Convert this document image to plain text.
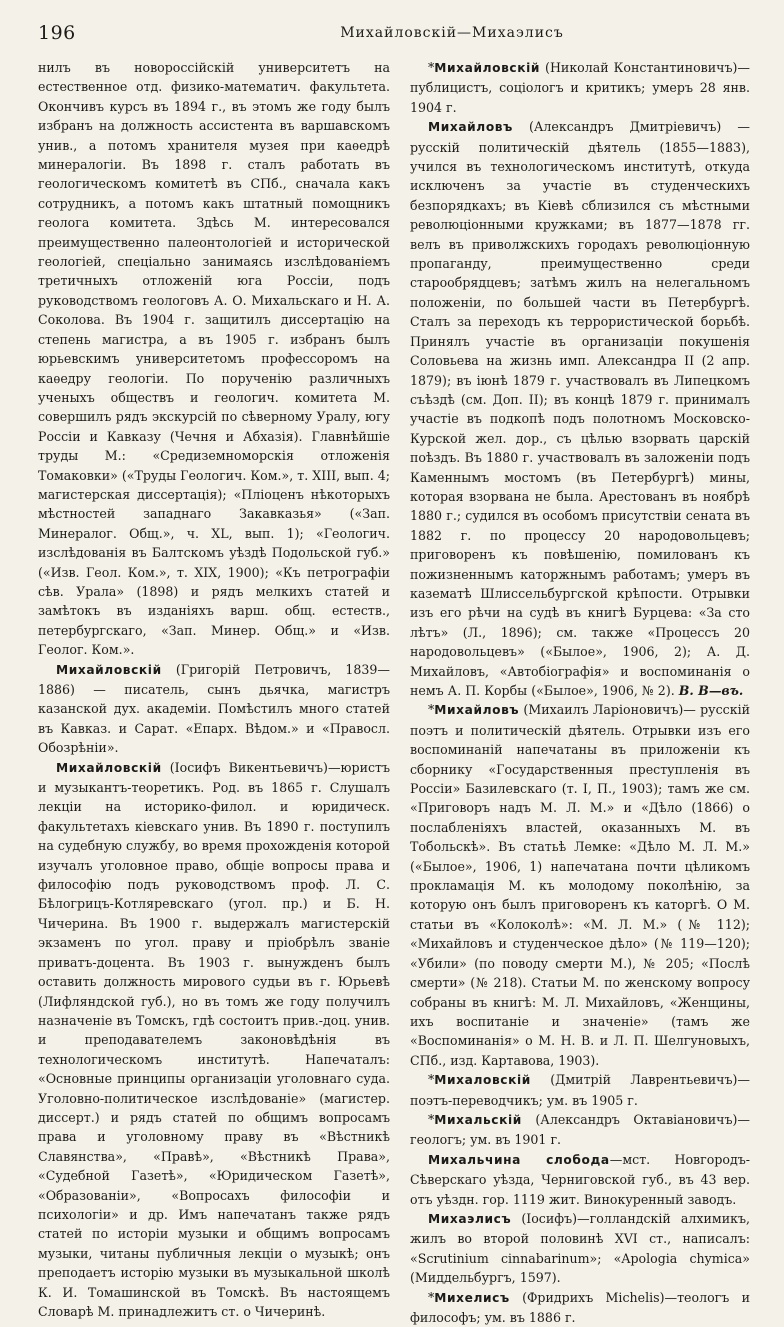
196	Михайловскій—Михаэлисъ

нилъ въ новороссійскій университетъ на естественное отд. физико-математич. факультета. Окончивъ курсъ въ 1894 г., въ этомъ же году былъ избранъ на должность ассистента въ варшавскомъ унив., а потомъ хранителя музея при каѳедрѣ минералогіи. Въ 1898 г. сталъ работать въ геологическомъ комитетѣ въ СПб., сначала какъ сотрудникъ, а потомъ какъ штатный помощникъ геолога комитета. Здѣсь М. интересовался преимущественно палеонтологіей и исторической геологіей, спеціально занимаясь изслѣдованіемъ третичныхъ отложеній юга Россіи, подъ руководствомъ геологовъ А. О. Михальскаго и Н. А. Соколова. Въ 1904 г. защитилъ диссертацію на степень магистра, а въ 1905 г. избранъ былъ юрьевскимъ университетомъ профессоромъ на каѳедру геологіи. По порученію различныхъ ученыхъ обществъ и геологич. комитета М. совершилъ рядъ экскурсій по сѣверному Уралу, югу Россіи и Кавказу (Чечня и Абхазія). Главнѣйшіе труды М.: «Средиземноморскія отложенія Томаковки» («Труды Геологич. Ком.», т. XIII, вып. 4; магистерская диссертація); «Пліоценъ нѣкоторыхъ мѣстностей западнаго Закавказья» («Зап. Минералог. Общ.», ч. XL, вып. 1); «Геологич. изслѣдованія въ Балтскомъ уѣздѣ Подольской губ.» («Изв. Геол. Ком.», т. XIX, 1900); «Къ петрографіи сѣв. Урала» (1898) и рядъ мелкихъ статей и замѣтокъ въ изданіяхъ варш. общ. естеств., петербургскаго, «Зап. Минер. Общ.» и «Изв. Геолог. Ком.».

Михайловскій (Григорій Петровичъ, 1839—1886) — писатель, сынъ дьячка, магистръ казанской дух. академіи. Помѣстилъ много статей въ Кавказ. и Сарат. «Епарх. Вѣдом.» и «Правосл. Обозрѣніи».

Михайловскій (Іосифъ Викентьевичъ)—юристъ и музыкантъ-теоретикъ. Род. въ 1865 г. Слушалъ лекціи на историко-филол. и юридическ. факультетахъ кіевскаго унив. Въ 1890 г. поступилъ на судебную службу, во время прохожденія которой изучалъ уголовное право, общіе вопросы права и философію подъ руководствомъ проф. Л. С. Бѣлогрицъ-Котляревскаго (угол. пр.) и Б. Н. Чичерина. Въ 1900 г. выдержалъ магистерскій экзаменъ по угол. праву и пріобрѣлъ званіе приватъ-доцента. Въ 1903 г. вынужденъ былъ оставить должность мирового судьи въ г. Юрьевѣ (Лифляндской губ.), но въ томъ же году получилъ назначеніе въ Томскъ, гдѣ состоитъ прив.-доц. унив. и преподавателемъ законовѣдѣнія въ технологическомъ институтѣ. Напечаталъ: «Основные принципы организаціи уголовнаго суда. Уголовно-политическое изслѣдованіе» (магистер. диссерт.) и рядъ статей по общимъ вопросамъ права и уголовному праву въ «Вѣстникѣ Славянства», «Правѣ», «Вѣстникѣ Права», «Судебной Газетѣ», «Юридическом Газетѣ», «Образованіи», «Вопросахъ философіи и психологіи» и др. Имъ напечатанъ также рядъ статей по исторіи музыки и общимъ вопросамъ музыки, читаны публичныя лекціи о музыкѣ; онъ преподаетъ исторію музыки въ музыкальной школѣ К. И. Томашинской въ Томскѣ. Въ настоящемъ Словарѣ М. принадлежитъ ст. о Чичеринѣ.

*Михайловскій (Николай Константиновичъ)—публицистъ, соціологъ и критикъ; умеръ 28 янв. 1904 г.

Михайловъ (Александръ Дмитріевичъ) —русскій политическій дѣятель (1855—1883), учился въ технологическомъ институтѣ, откуда исключенъ за участіе въ студенческихъ безпорядкахъ; въ Кіевѣ сблизился съ мѣстными революціонными кружками; въ 1877—1878 гг. велъ въ приволжскихъ городахъ революціонную пропаганду, преимущественно среди старообрядцевъ; затѣмъ жилъ на нелегальномъ положеніи, по большей части въ Петербургѣ. Сталъ за переходъ къ террористической борьбѣ. Принялъ участіе въ организаціи покушенія Соловьева на жизнь имп. Александра II (2 апр. 1879); въ іюнѣ 1879 г. участвовалъ въ Липецкомъ съѣздѣ (см. Доп. II); въ концѣ 1879 г. принималъ участіе въ подкопѣ подъ полотномъ Московско-Курской жел. дор., съ цѣлью взорвать царскій поѣздъ. Въ 1880 г. участвовалъ въ заложеніи подъ Каменнымъ мостомъ (въ Петербургѣ) мины, которая взорвана не была. Арестованъ въ ноябрѣ 1880 г.; судился въ особомъ присутствіи сената въ 1882 г. по процессу 20 народовольцевъ; приговоренъ къ повѣшенію, помилованъ къ пожизненнымъ каторжнымъ работамъ; умеръ въ казематѣ Шлиссельбургской крѣпости. Отрывки изъ его рѣчи на судѣ въ книгѣ Бурцева: «За сто лѣтъ» (Л., 1896); см. также «Процессъ 20 народовольцевъ» («Былое», 1906, 2); А. Д. Михайловъ, «Автобіографія» и воспоминанія о немъ А. П. Корбы («Былое», 1906, № 2). В. В—въ.

*Михайловъ (Михаилъ Ларіоновичъ)— русскій поэтъ и политическій дѣятель. Отрывки изъ его воспоминаній напечатаны въ приложеніи къ сборнику «Государственныя преступленія въ Россіи» Базилевскаго (т. I, П., 1903); тамъ же см. «Приговоръ надъ М. Л. М.» и «Дѣло (1866) о послабленіяхъ властей, оказанныхъ М. въ Тобольскѣ». Въ статьѣ Лемке: «Дѣло М. Л. М.» («Былое», 1906, 1) напечатана почти цѣликомъ прокламація М. къ молодому поколѣнію, за которую онъ былъ приговоренъ къ каторгѣ. О М. статьи въ «Колоколѣ»: «М. Л. М.» (№ 112); «Михайловъ и студенческое дѣло» (№ 119—120); «Убили» (по поводу смерти М.), № 205; «Послѣ смерти» (№ 218). Статьи М. по женскому вопросу собраны въ книгѣ: М. Л. Михайловъ, «Женщины, ихъ воспитаніе и значеніе» (тамъ же «Воспоминанія» о М. Н. В. и Л. П. Шелгуновыхъ, СПб., изд. Картавова, 1903).

*Михаловскій (Дмитрій Лаврентьевичъ)—поэтъ-переводчикъ; ум. въ 1905 г.

*Михальскій (Александръ Октавіановичъ)—геологъ; ум. въ 1901 г.

Михальчина слобода—мст. Новгородъ-Сѣверскаго уѣзда, Черниговской губ., въ 43 вер. отъ уѣздн. гор. 1119 жит. Винокуренный заводъ.

Михаэлисъ (Іосифъ)—голландскій алхимикъ, жилъ во второй половинѣ XVI ст., написалъ: «Scrutinium cinnabarinum»; «Apologia chymica» (Миддельбургъ, 1597).

*Михелисъ (Фридрихъ Michelis)—теологъ и философъ; ум. въ 1886 г.
